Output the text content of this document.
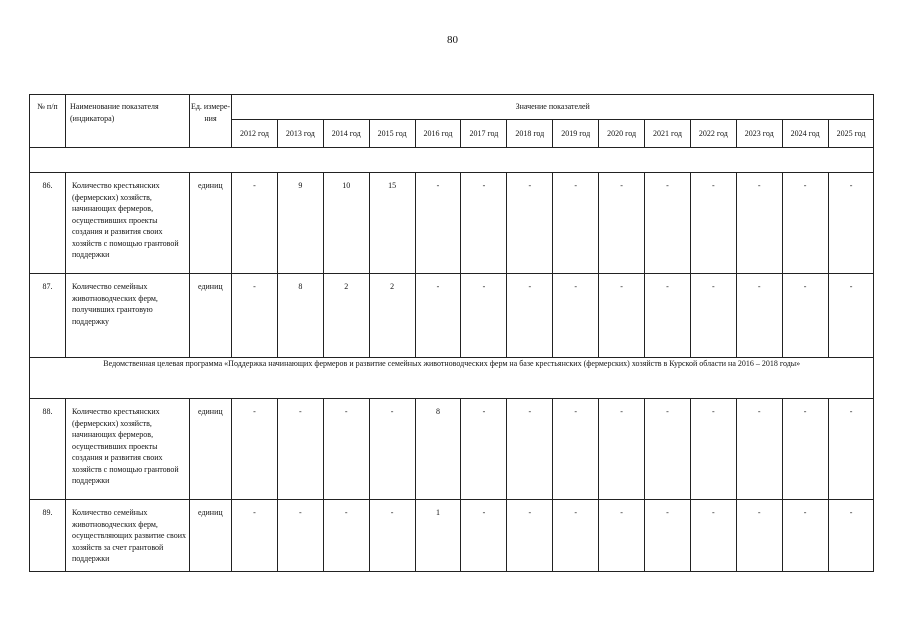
80
№ п/п	Наименование показателя (индикатора)	Ед. измере-ния	Значение показателей													
			2012 год	2013 год	2014 год	2015 год	2016 год	2017 год	2018 год	2019 год	2020 год	2021 год	2022 год	2023 год	2024 год	2025 год

86.	Количество крестьянских (фермерских) хозяйств, начинающих фермеров, осуществивших проекты создания и развития своих хозяйств с помощью грантовой поддержки	единиц	-	9	10	15	-	-	-	-	-	-	-	-	-	-
87.	Количество семейных животноводческих ферм, получивших грантовую поддержку	единиц	-	8	2	2	-	-	-	-	-	-	-	-	-	-
Ведомственная целевая программа «Поддержка начинающих фермеров и развитие семейных животноводческих ферм на базе крестьянских (фермерских) хозяйств в Курской области на 2016 – 2018 годы»																
88.	Количество крестьянских (фермерских) хозяйств, начинающих фермеров, осуществивших проекты создания и развития своих хозяйств с помощью грантовой поддержки	единиц	-	-	-	-	8	-	-	-	-	-	-	-	-	-
89.	Количество семейных животноводческих ферм, осуществляющих развитие своих хозяйств за счет грантовой поддержки	единиц	-	-	-	-	1	-	-	-	-	-	-	-	-	-
